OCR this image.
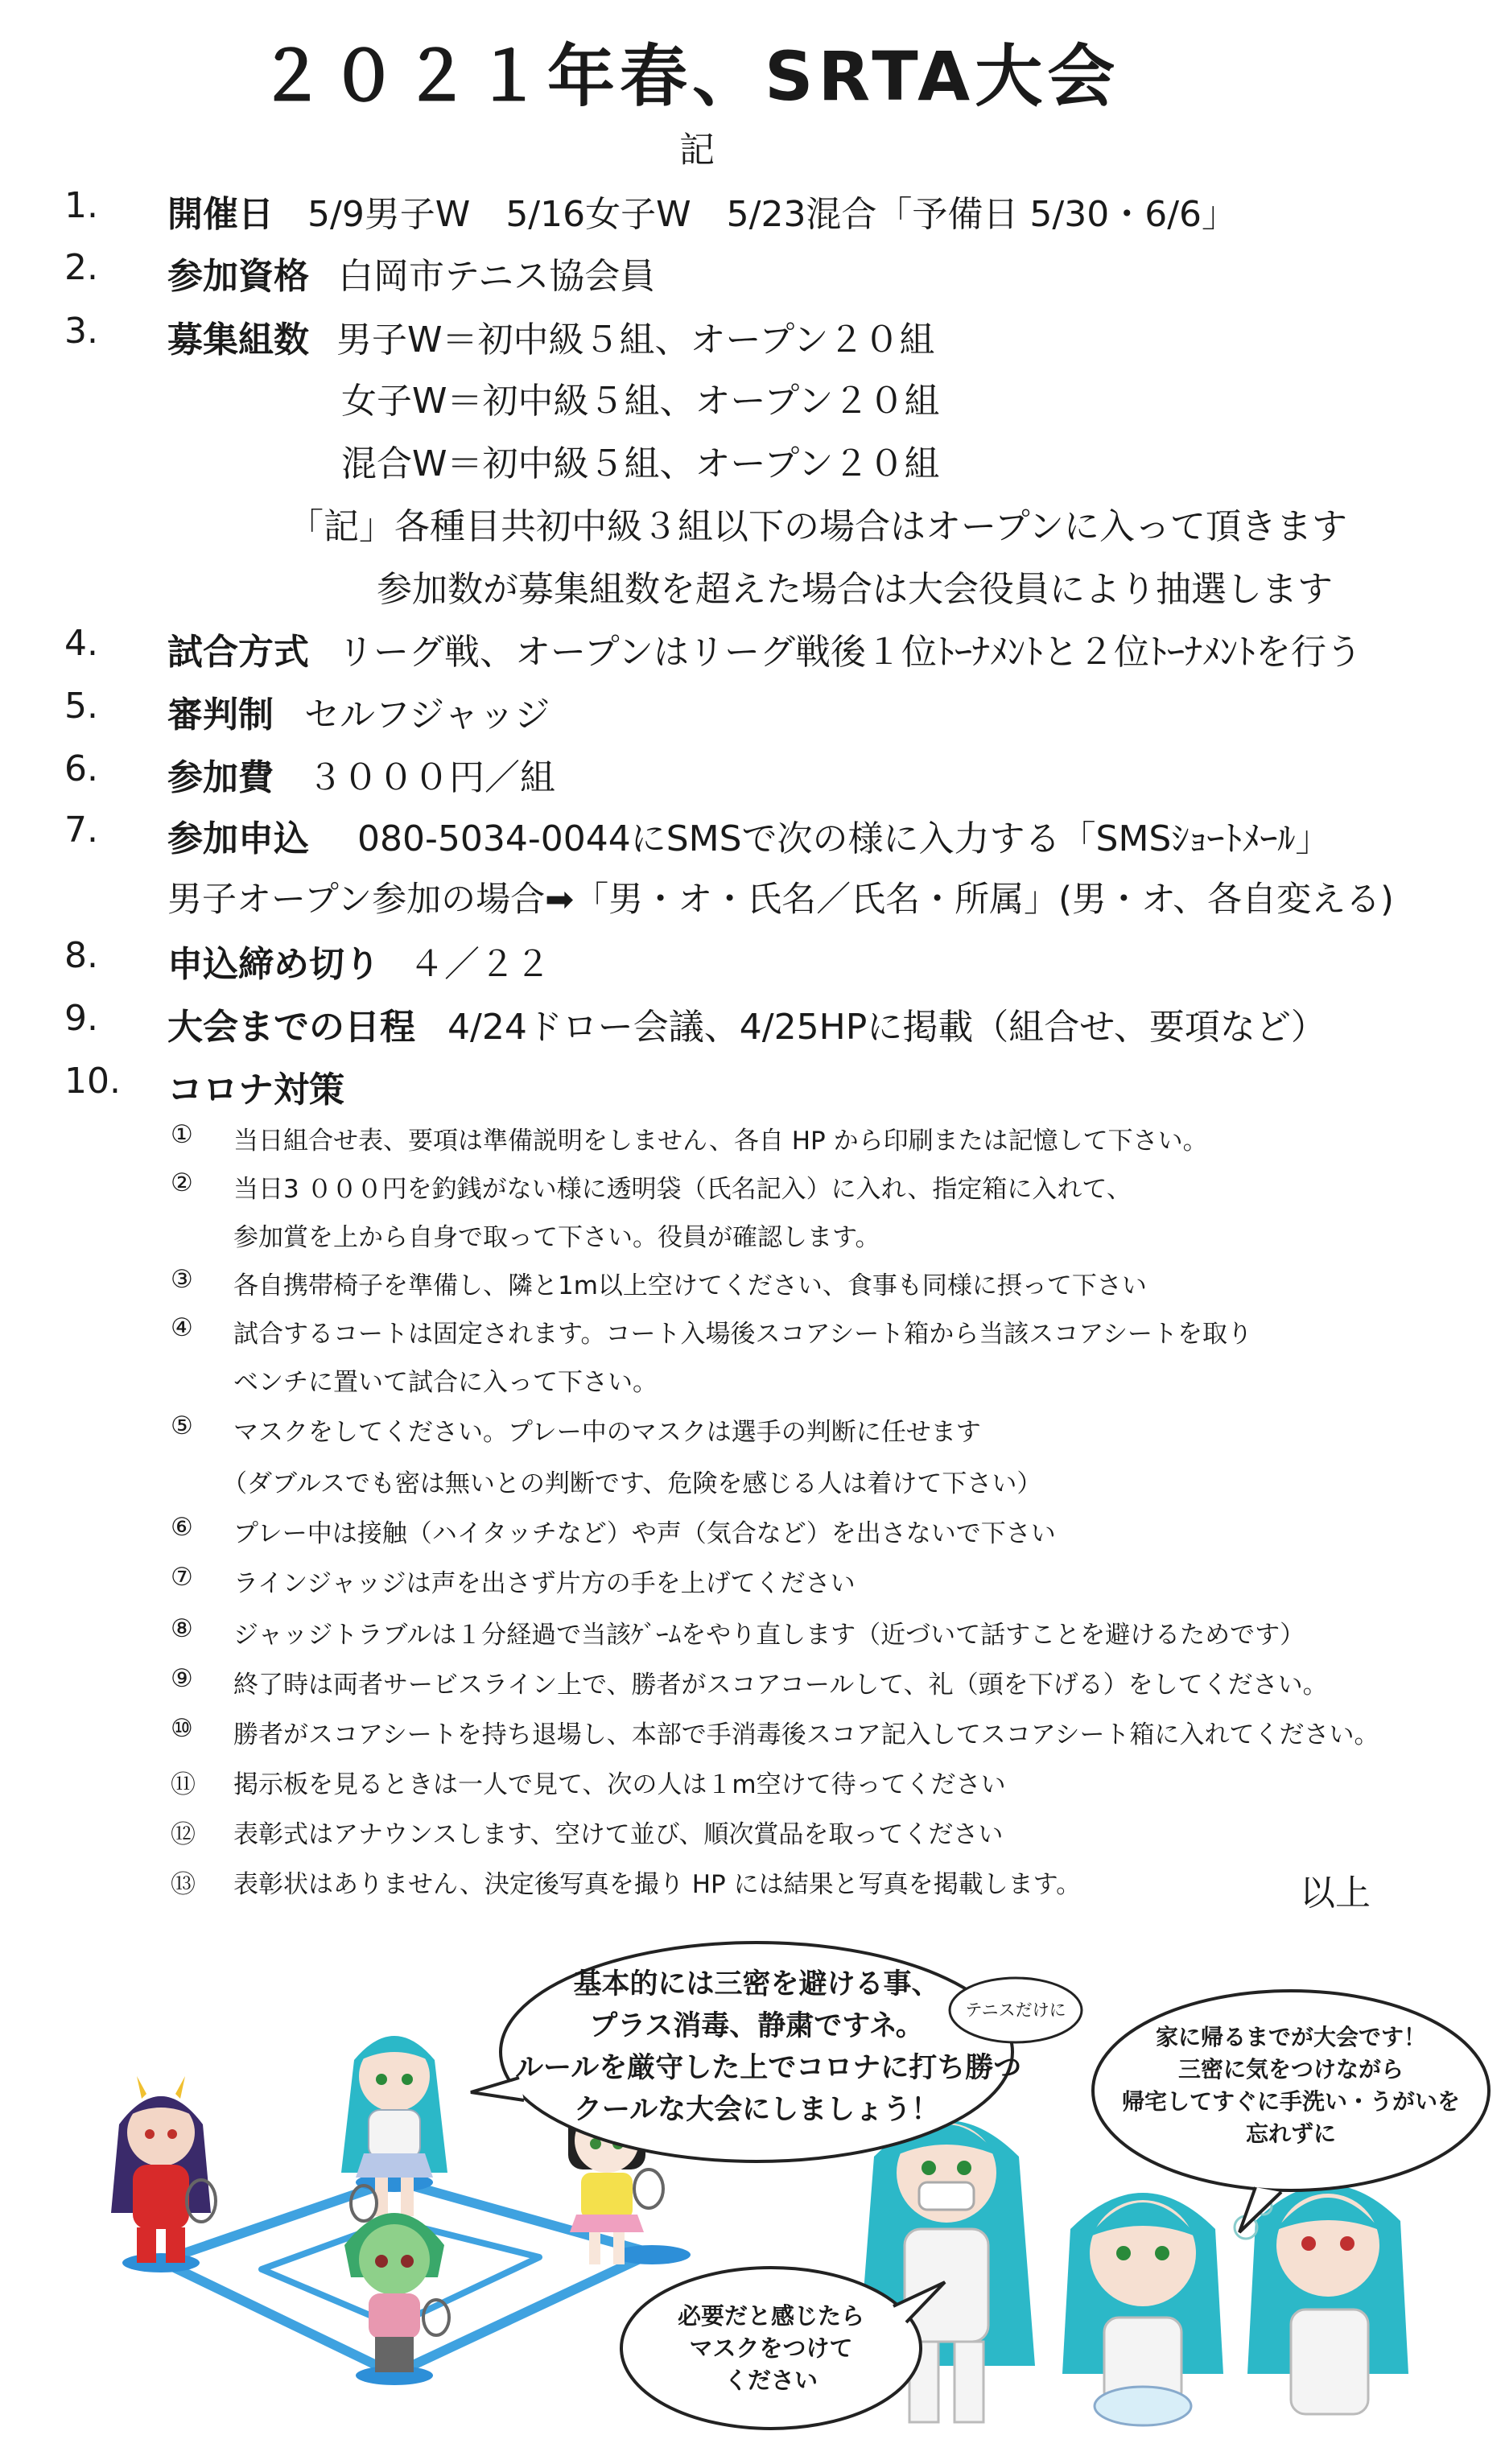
２０２１年春、SRTA大会
記
1. 開催日 5/9男子W　5/16女子W　5/23混合「予備日 5/30・6/6」
2. 参加資格 白岡市テニス協会員
3. 募集組数 男子W＝初中級５組、オープン２０組
女子W＝初中級５組、オープン２０組
混合W＝初中級５組、オープン２０組
「記」各種目共初中級３組以下の場合はオープンに入って頂きます
参加数が募集組数を超えた場合は大会役員により抽選します
4. 試合方式 リーグ戦、オープンはリーグ戦後１位ﾄｰﾅﾒﾝﾄと２位ﾄｰﾅﾒﾝﾄを行う
5. 審判制 セルフジャッジ
6. 参加費 ３０００円／組
7. 参加申込 080-5034-0044にSMSで次の様に入力する「SMSｼｮｰﾄﾒｰﾙ」
男子オープン参加の場合➡「男・オ・氏名／氏名・所属」(男・オ、各自変える)
8. 申込締め切り ４／２２
9. 大会までの日程 4/24ドロー会議、4/25HPに掲載（組合せ、要項など）
10. コロナ対策
① 当日組合せ表、要項は準備説明をしません、各自 HP から印刷または記憶して下さい。
② 当日3 ０００円を釣銭がない様に透明袋（氏名記入）に入れ、指定箱に入れて、
参加賞を上から自身で取って下さい。役員が確認します。
③ 各自携帯椅子を準備し、隣と1m以上空けてください、食事も同様に摂って下さい
④ 試合するコートは固定されます。コート入場後スコアシート箱から当該スコアシートを取り
ベンチに置いて試合に入って下さい。
⑤ マスクをしてください。プレー中のマスクは選手の判断に任せます
（ダブルスでも密は無いとの判断です、危険を感じる人は着けて下さい）
⑥ プレー中は接触（ハイタッチなど）や声（気合など）を出さないで下さい
⑦ ラインジャッジは声を出さず片方の手を上げてください
⑧ ジャッジトラブルは１分経過で当該ｹﾞｰﾑをやり直します（近づいて話すことを避けるためです）
⑨ 終了時は両者サービスライン上で、勝者がスコアコールして、礼（頭を下げる）をしてください。
⑩ 勝者がスコアシートを持ち退場し、本部で手消毒後スコア記入してスコアシート箱に入れてください。
⑪ 掲示板を見るときは一人で見て、次の人は１m空けて待ってください
⑫ 表彰式はアナウンスします、空けて並び、順次賞品を取ってください
⑬ 表彰状はありません、決定後写真を撮り HP には結果と写真を掲載します。	以上
基本的には三密を避ける事、
プラス消毒、静粛ですネ。
ルールを厳守した上でコロナに打ち勝つ
クールな大会にしましょう！
テニスだけに
家に帰るまでが大会です！
三密に気をつけながら
帰宅してすぐに手洗い・うがいを
忘れずに
必要だと感じたら
マスクをつけて
ください
